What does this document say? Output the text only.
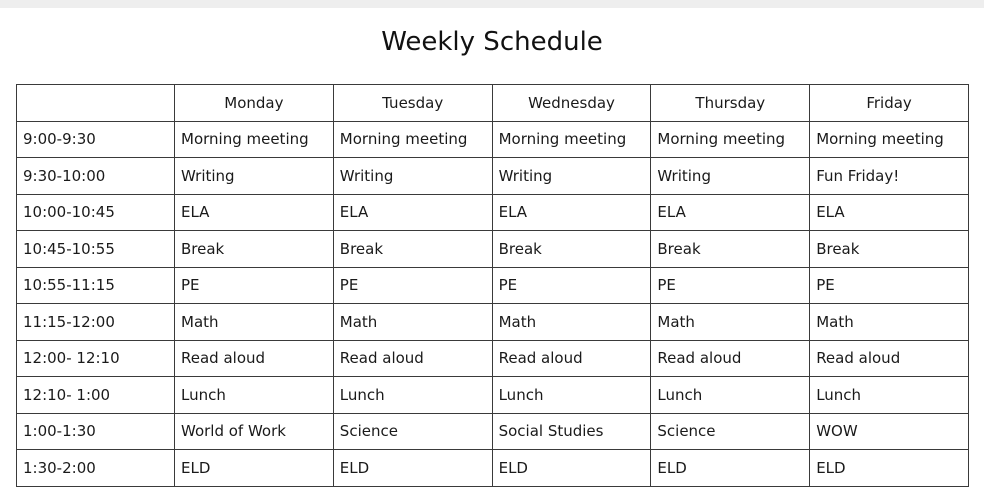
Weekly Schedule
	Monday	Tuesday	Wednesday	Thursday	Friday
9:00-9:30	Morning meeting	Morning meeting	Morning meeting	Morning meeting	Morning meeting
9:30-10:00	Writing	Writing	Writing	Writing	Fun Friday!
10:00-10:45	ELA	ELA	ELA	ELA	ELA
10:45-10:55	Break	Break	Break	Break	Break
10:55-11:15	PE	PE	PE	PE	PE
11:15-12:00	Math	Math	Math	Math	Math
12:00- 12:10	Read aloud	Read aloud	Read aloud	Read aloud	Read aloud
12:10- 1:00	Lunch	Lunch	Lunch	Lunch	Lunch
1:00-1:30	World of Work	Science	Social Studies	Science	WOW
1:30-2:00	ELD	ELD	ELD	ELD	ELD
